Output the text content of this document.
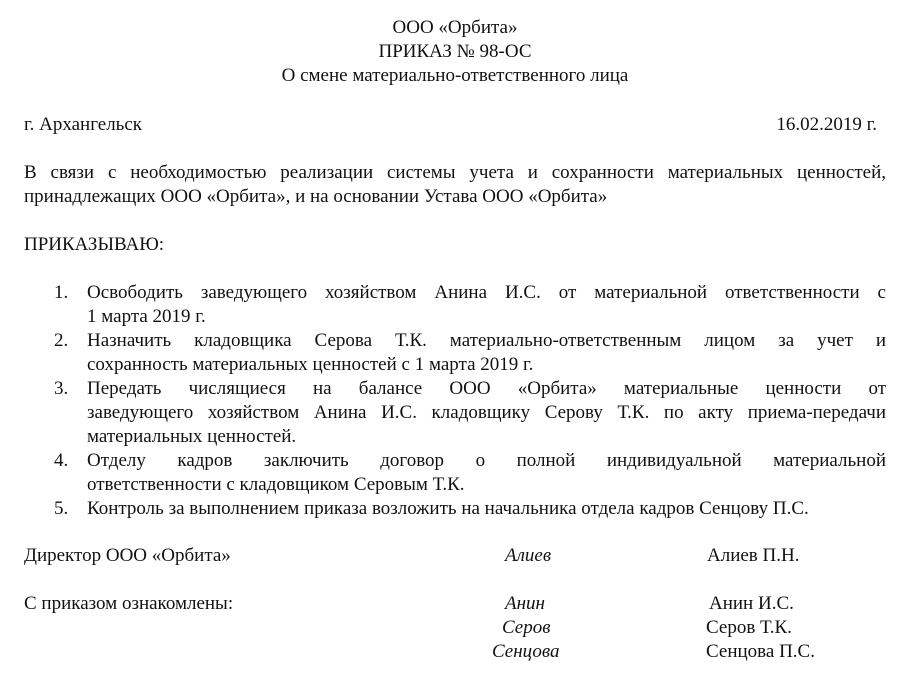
ООО «Орбита»
ПРИКАЗ № 98-ОС
О смене материально-ответственного лица
г. Архангельск	16.02.2019 г.
В связи с необходимостью реализации системы учета и сохранности материальных ценностей,
принадлежащих ООО «Орбита», и на основании Устава ООО «Орбита»
ПРИКАЗЫВАЮ:
1. Освободить заведующего хозяйством Анина И.С. от материальной ответственности с
1 марта 2019 г.
2. Назначить кладовщика Серова Т.К. материально-ответственным лицом за учет и
сохранность материальных ценностей с 1 марта 2019 г.
3. Передать числящиеся на балансе ООО «Орбита» материальные ценности от
заведующего хозяйством Анина И.С. кладовщику Серову Т.К. по акту приема-передачи
материальных ценностей.
4. Отделу кадров заключить договор о полной индивидуальной материальной
ответственности с кладовщиком Серовым Т.К.
5. Контроль за выполнением приказа возложить на начальника отдела кадров Сенцову П.С.
Директор ООО «Орбита»	Алиев	Алиев П.Н.
С приказом ознакомлены:	Анин	Анин И.С.
Серов	Серов Т.К.
Сенцова	Сенцова П.С.
